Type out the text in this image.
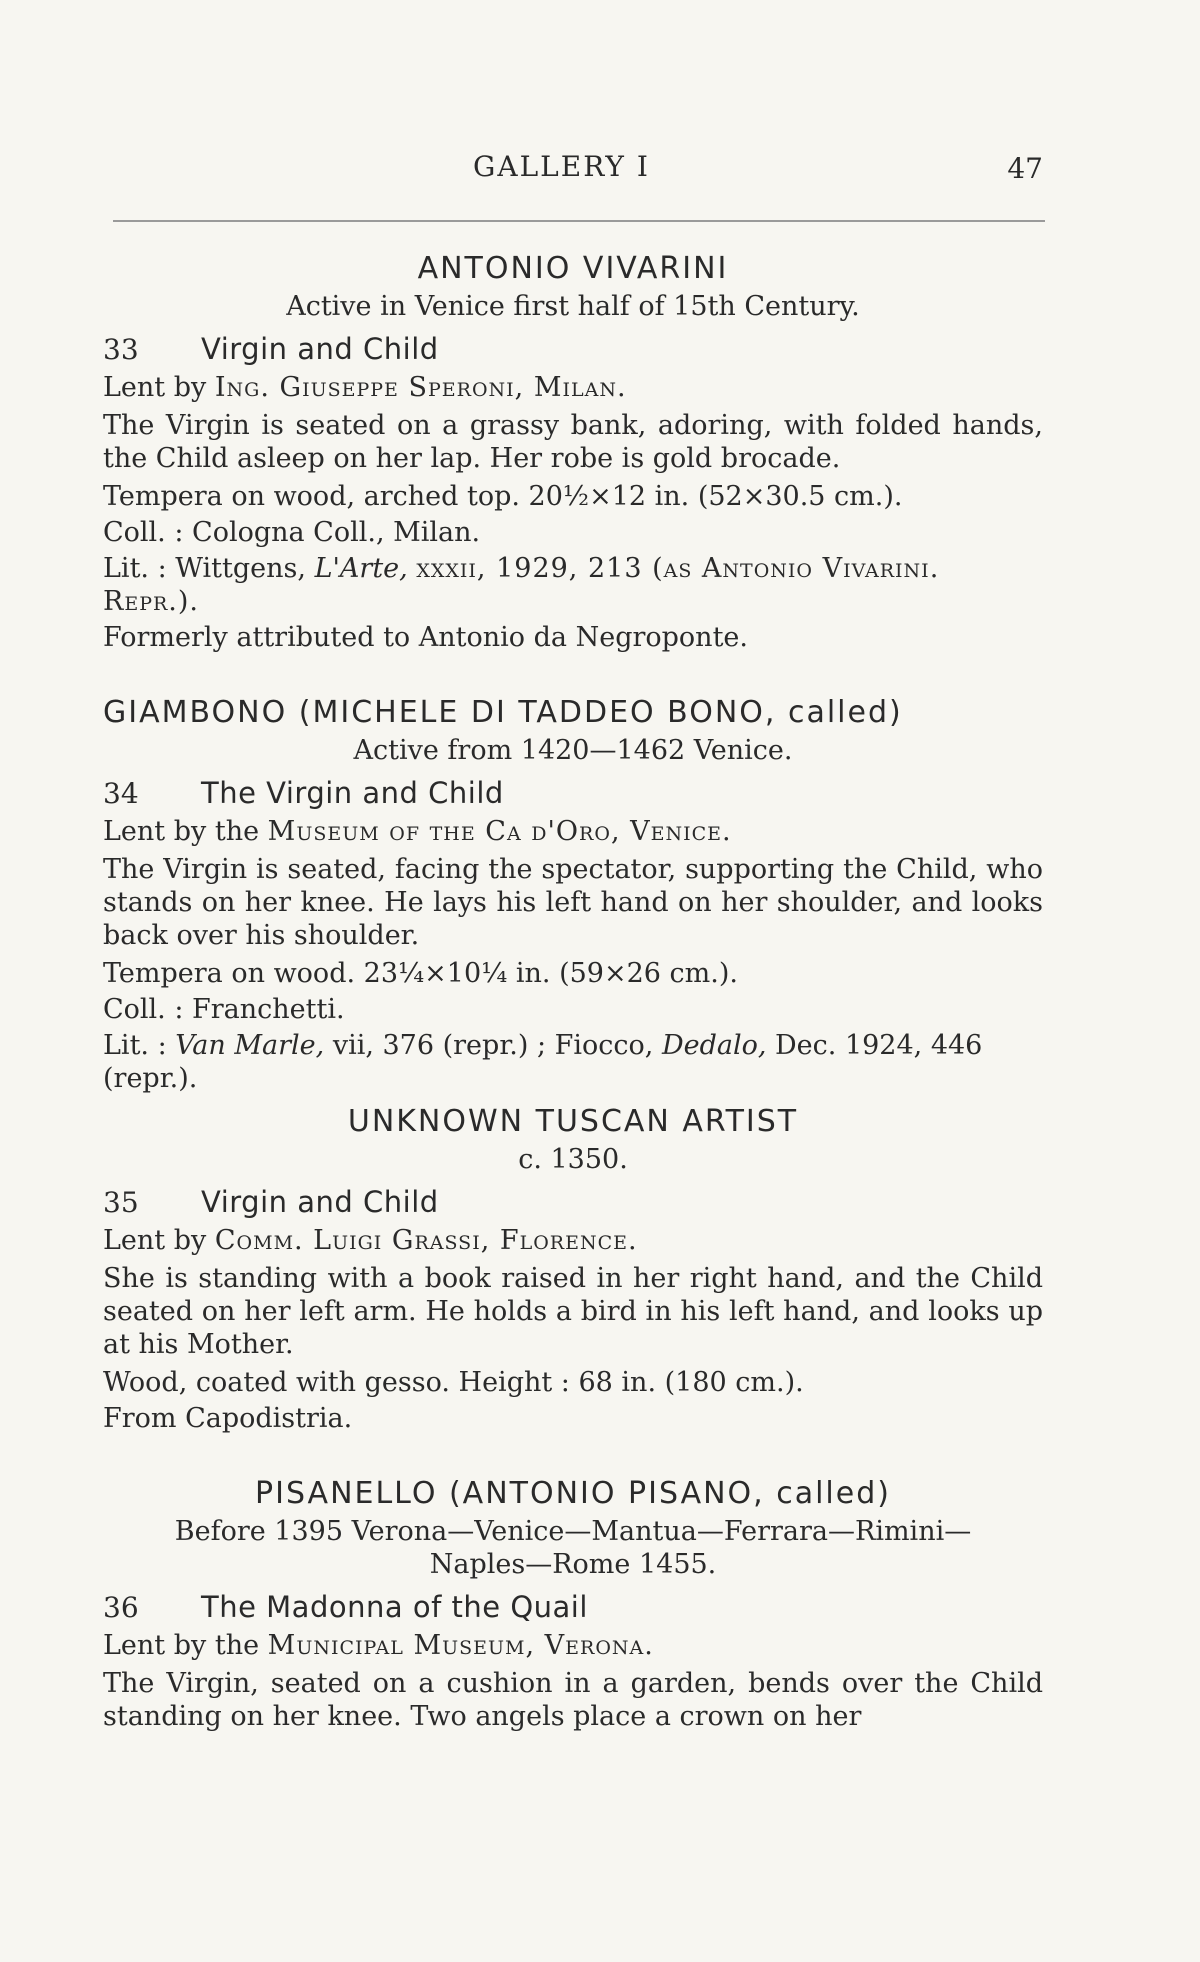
GALLERY I	47
ANTONIO VIVARINI
Active in Venice first half of 15th Century.
33 Virgin and Child
Lent by Ing. Giuseppe Speroni, Milan.
The Virgin is seated on a grassy bank, adoring, with folded hands, the Child asleep on her lap. Her robe is gold brocade.
Tempera on wood, arched top. 20½×12 in. (52×30.5 cm.).
Coll. : Cologna Coll., Milan.
Lit. : Wittgens, L'Arte, xxxii, 1929, 213 (as Antonio Vivarini. Repr.).
Formerly attributed to Antonio da Negroponte.
GIAMBONO (MICHELE DI TADDEO BONO, called)
Active from 1420—1462 Venice.
34 The Virgin and Child
Lent by the Museum of the Ca d'Oro, Venice.
The Virgin is seated, facing the spectator, supporting the Child, who stands on her knee. He lays his left hand on her shoulder, and looks back over his shoulder.
Tempera on wood. 23¼×10¼ in. (59×26 cm.).
Coll. : Franchetti.
Lit. : Van Marle, vii, 376 (repr.) ; Fiocco, Dedalo, Dec. 1924, 446 (repr.).
UNKNOWN TUSCAN ARTIST
c. 1350.
35 Virgin and Child
Lent by Comm. Luigi Grassi, Florence.
She is standing with a book raised in her right hand, and the Child seated on her left arm. He holds a bird in his left hand, and looks up at his Mother.
Wood, coated with gesso. Height : 68 in. (180 cm.).
From Capodistria.
PISANELLO (ANTONIO PISANO, called)
Before 1395 Verona—Venice—Mantua—Ferrara—Rimini— Naples—Rome 1455.
36 The Madonna of the Quail
Lent by the Municipal Museum, Verona.
The Virgin, seated on a cushion in a garden, bends over the Child standing on her knee. Two angels place a crown on her
